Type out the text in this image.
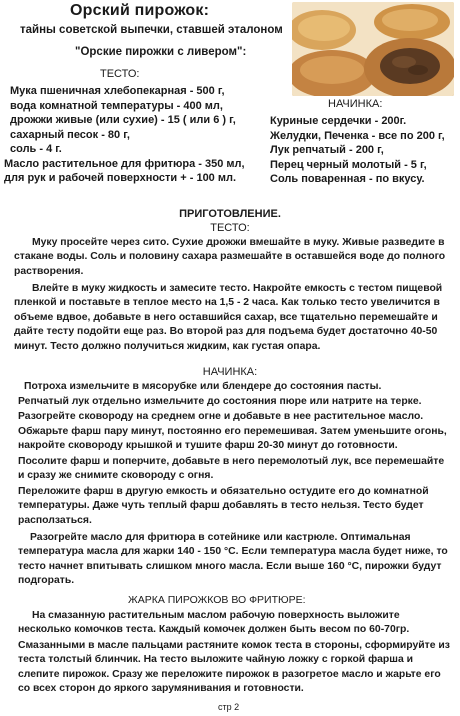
Орский пирожок:
тайны советской выпечки, ставшей эталоном
"Орские пирожки с ливером":
ТЕСТО:
Мука пшеничная хлебопекарная - 500 г,
вода комнатной температуры - 400 мл,
дрожжи живые (или сухие) - 15 ( или 6 ) г,
сахарный песок - 80 г,
соль - 4 г.
Масло растительное для фритюра - 350 мл,
для рук и рабочей поверхности + - 100 мл.
НАЧИНКА:
Куриные сердечки - 200г.
Желудки, Печенка - все по 200 г,
Лук репчатый - 200 г,
Перец черный молотый - 5 г,
Соль поваренная - по вкусу.
ПРИГОТОВЛЕНИЕ.
ТЕСТО:

Муку просейте через сито. Сухие дрожжи вмешайте в муку. Живые разведите в стакане воды. Соль и половину сахара размешайте в оставшейся воде до полного растворения.

Влейте в муку жидкость и замесите тесто. Накройте емкость с тестом пищевой пленкой и поставьте в теплое место на 1,5 - 2 часа. Как только тесто увеличится в объеме вдвое, добавьте в него оставшийся сахар, все тщательно перемешайте и дайте тесту подойти еще раз. Во второй раз для подъема будет достаточно 40-50 минут. Тесто должно получиться жидким, как густая опара.

НАЧИНКА:

Потроха измельчите в мясорубке или блендере до состояния пасты.

Репчатый лук отдельно измельчите до состояния пюре или натрите на терке.

Разогрейте сковороду на среднем огне и добавьте в нее растительное масло.

Обжарьте фарш пару минут, постоянно его перемешивая. Затем уменьшите огонь, накройте сковороду крышкой и тушите фарш 20-30 минут до готовности.

Посолите фарш и поперчите, добавьте в него перемолотый лук, все перемешайте и сразу же снимите сковороду с огня.

Переложите фарш в другую емкость и обязательно остудите его до комнатной температуры. Даже чуть теплый фарш добавлять в тесто нельзя. Тесто будет расползаться.

Разогрейте масло для фритюра в сотейнике или кастрюле. Оптимальная температура масла для жарки 140 - 150 °С. Если температура масла будет ниже, то тесто начнет впитывать слишком много масла. Если выше 160 °С, пирожки будут подгорать.

ЖАРКА ПИРОЖКОВ ВО ФРИТЮРЕ:

На смазанную растительным маслом рабочую поверхность выложите несколько комочков теста. Каждый комочек должен быть весом по 60-70гр.

Смазанными в масле пальцами растяните комок теста в стороны, сформируйте из теста толстый блинчик. На тесто выложите чайную ложку с горкой фарша и слепите пирожок. Сразу же переложите пирожок в разогретое масло и жарьте его со всех сторон до яркого зарумянивания и готовности.

стр 2
